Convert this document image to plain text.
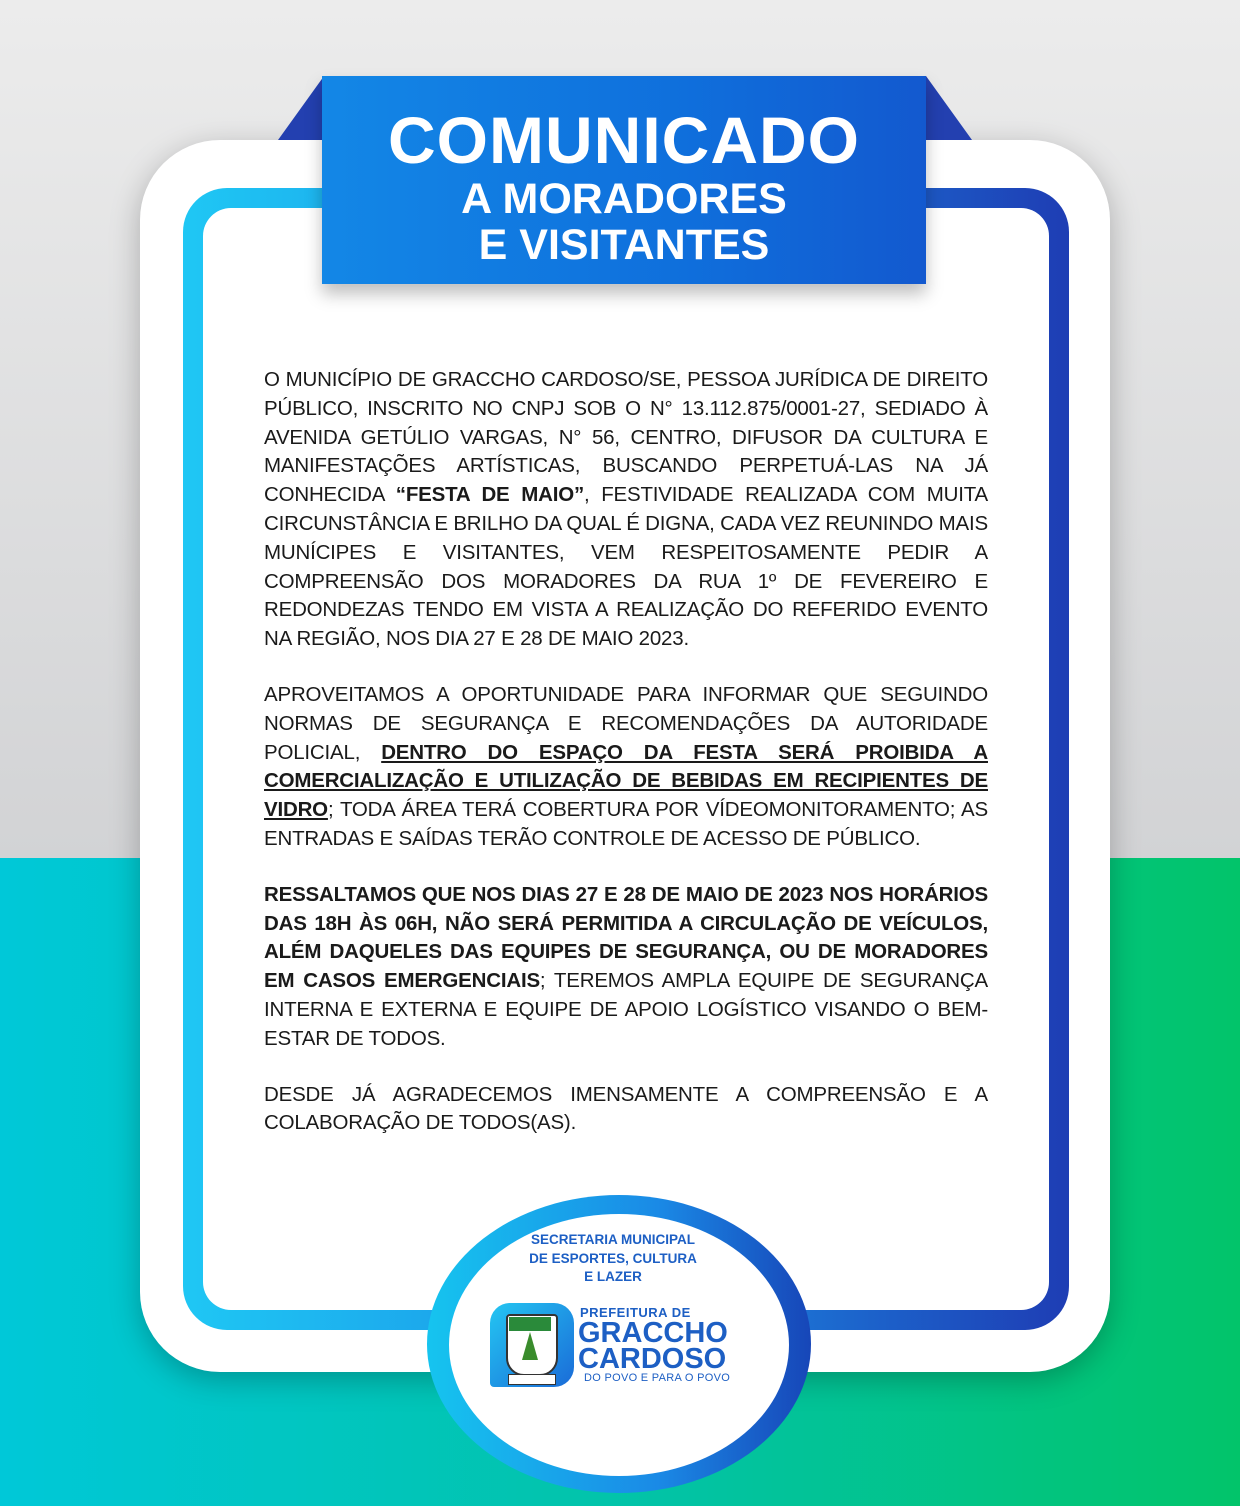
COMUNICADO
A MORADORES
E VISITANTES

O MUNICÍPIO DE GRACCHO CARDOSO/SE, PESSOA JURÍDICA DE DIREITO PÚBLICO, INSCRITO NO CNPJ SOB O N° 13.112.875/0001-27, SEDIADO À AVENIDA GETÚLIO VARGAS, N° 56, CENTRO, DIFUSOR DA CULTURA E MANIFESTAÇÕES ARTÍSTICAS, BUSCANDO PERPETUÁ-LAS NA JÁ CONHECIDA “FESTA DE MAIO”, FESTIVIDADE REALIZADA COM MUITA CIRCUNSTÂNCIA E BRILHO DA QUAL É DIGNA, CADA VEZ REUNINDO MAIS MUNÍCIPES E VISITANTES, VEM RESPEITOSAMENTE PEDIR A COMPREENSÃO DOS MORADORES DA RUA 1º DE FEVEREIRO E REDONDEZAS TENDO EM VISTA A REALIZAÇÃO DO REFERIDO EVENTO NA REGIÃO, NOS DIA 27 E 28 DE MAIO 2023.

APROVEITAMOS A OPORTUNIDADE PARA INFORMAR QUE SEGUINDO NORMAS DE SEGURANÇA E RECOMENDAÇÕES DA AUTORIDADE POLICIAL, DENTRO DO ESPAÇO DA FESTA SERÁ PROIBIDA A COMERCIALIZAÇÃO E UTILIZAÇÃO DE BEBIDAS EM RECIPIENTES DE VIDRO; TODA ÁREA TERÁ COBERTURA POR VÍDEOMONITORAMENTO; AS ENTRADAS E SAÍDAS TERÃO CONTROLE DE ACESSO DE PÚBLICO.

RESSALTAMOS QUE NOS DIAS 27 E 28 DE MAIO DE 2023 NOS HORÁRIOS DAS 18H ÀS 06H, NÃO SERÁ PERMITIDA A CIRCULAÇÃO DE VEÍCULOS, ALÉM DAQUELES DAS EQUIPES DE SEGURANÇA, OU DE MORADORES EM CASOS EMERGENCIAIS; TEREMOS AMPLA EQUIPE DE SEGURANÇA INTERNA E EXTERNA E EQUIPE DE APOIO LOGÍSTICO VISANDO O BEM-ESTAR DE TODOS.

DESDE JÁ AGRADECEMOS IMENSAMENTE A COMPREENSÃO E A COLABORAÇÃO DE TODOS(AS).

SECRETARIA MUNICIPAL
DE ESPORTES, CULTURA
E LAZER
PREFEITURA DE
GRACCHO
CARDOSO
DO POVO E PARA O POVO
